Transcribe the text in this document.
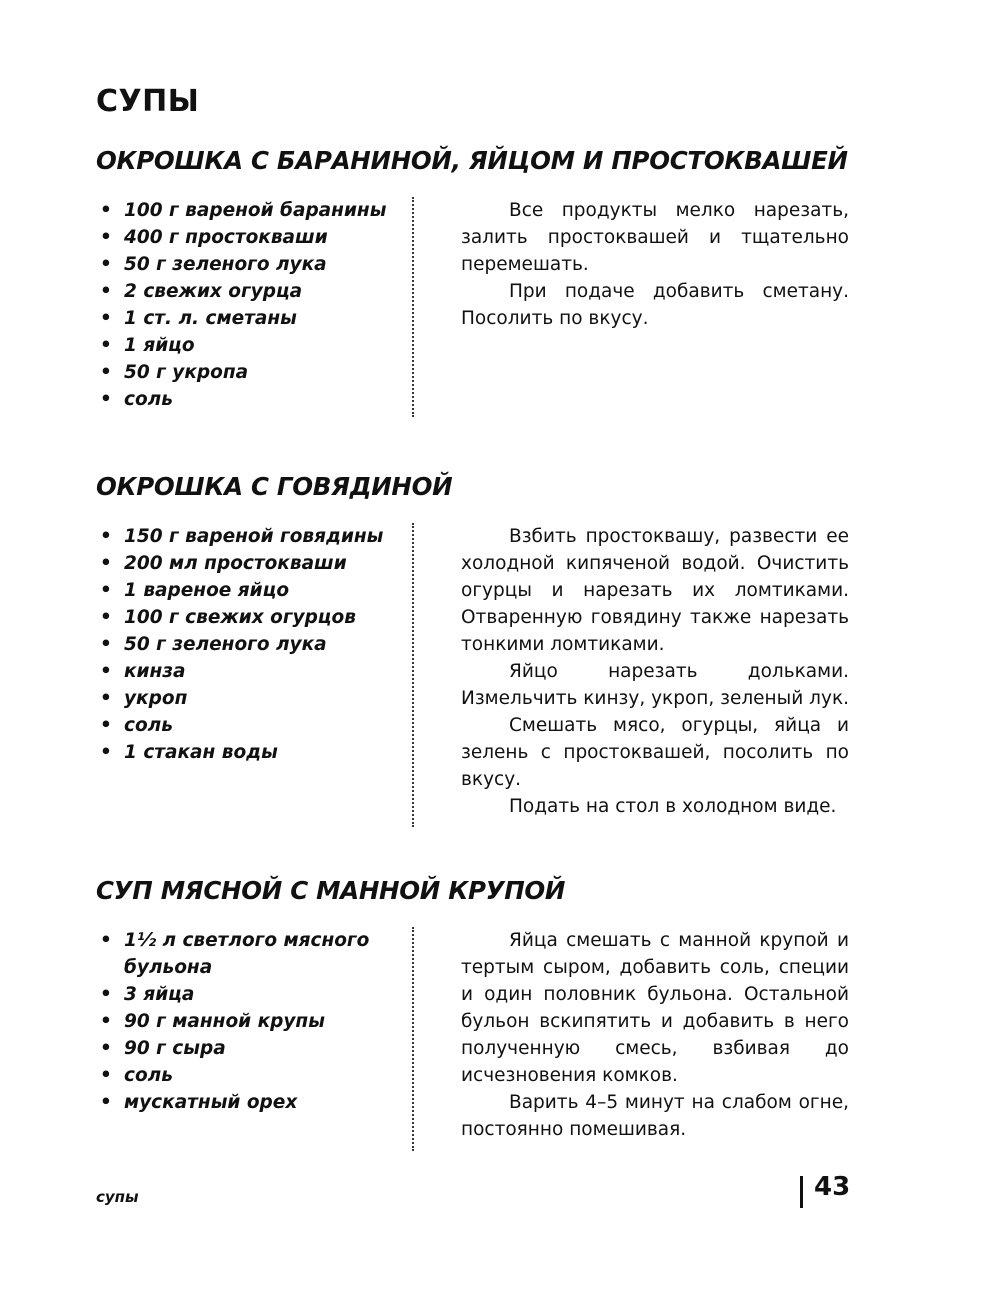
СУПЫ
ОКРОШКА С БАРАНИНОЙ, ЯЙЦОМ И ПРОСТОКВАШЕЙ
• 100 г вареной баранины
• 400 г простокваши
• 50 г зеленого лука
• 2 свежих огурца
• 1 ст. л. сметаны
• 1 яйцо
• 50 г укропа
• соль

Все продукты мелко нарезать, залить простоквашей и тщательно перемешать.

При подаче добавить сметану. Посолить по вкусу.

ОКРОШКА С ГОВЯДИНОЙ
• 150 г вареной говядины
• 200 мл простокваши
• 1 вареное яйцо
• 100 г свежих огурцов
• 50 г зеленого лука
• кинза
• укроп
• соль
• 1 стакан воды

Взбить простоквашу, развести ее холодной кипяченой водой. Очистить огурцы и нарезать их ломтиками. Отваренную говядину также нарезать тонкими ломтиками.

Яйцо нарезать дольками. Измельчить кинзу, укроп, зеленый лук.

Смешать мясо, огурцы, яйца и зелень с простоквашей, посолить по вкусу.

Подать на стол в холодном виде.

СУП МЯСНОЙ С МАННОЙ КРУПОЙ
• 1½ л светлого мясного бульона
• 3 яйца
• 90 г манной крупы
• 90 г сыра
• соль
• мускатный орех

Яйца смешать с манной крупой и тертым сыром, добавить соль, специи и один половник бульона. Остальной бульон вскипятить и добавить в него полученную смесь, взбивая до исчезновения комков.

Варить 4–5 минут на слабом огне, постоянно помешивая.

супы	43
